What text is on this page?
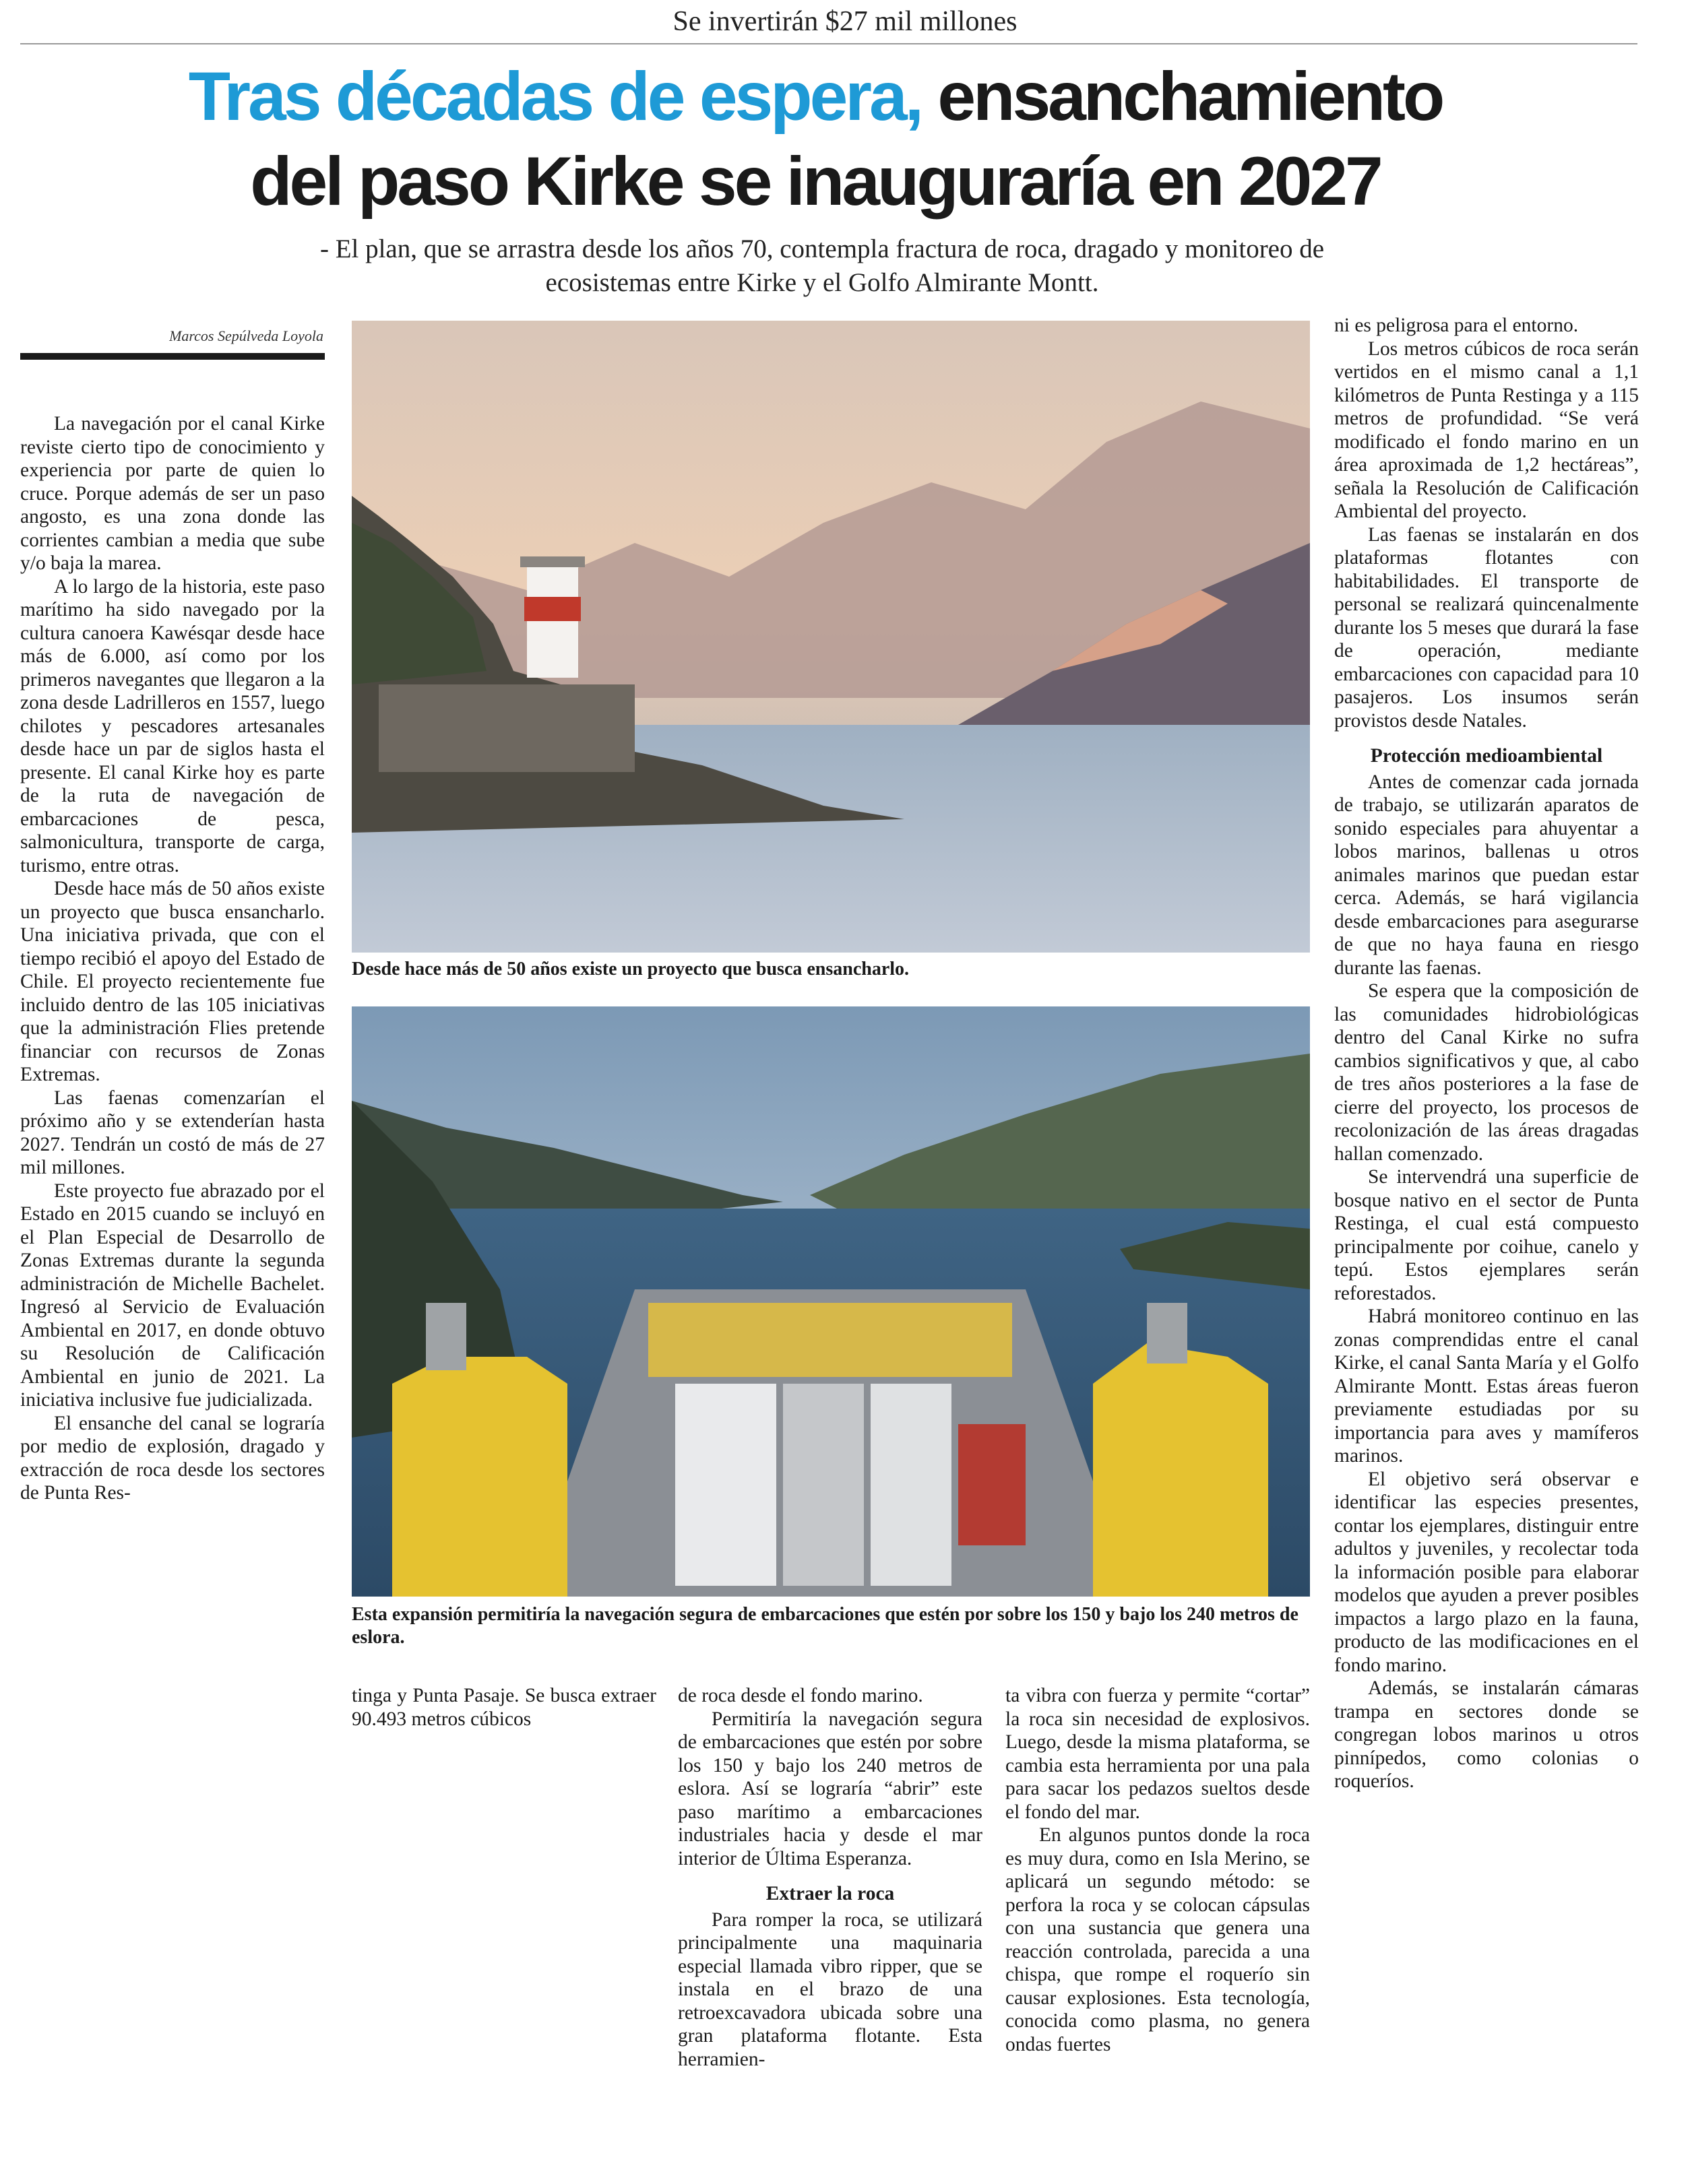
Se invertirán $27 mil millones
Tras décadas de espera, ensanchamiento
del paso Kirke se inauguraría en 2027
- El plan, que se arrastra desde los años 70, contempla fractura de roca, dragado y monitoreo de ecosistemas entre Kirke y el Golfo Almirante Montt.
Marcos Sepúlveda Loyola

La navegación por el canal Kirke reviste cierto tipo de conocimiento y experiencia por parte de quien lo cruce. Porque además de ser un paso angosto, es una zona donde las corrientes cambian a media que sube y/o baja la marea.

A lo largo de la historia, este paso marítimo ha sido navegado por la cultura canoera Kawésqar desde hace más de 6.000, así como por los primeros navegantes que llegaron a la zona desde Ladrilleros en 1557, luego chilotes y pescadores artesanales desde hace un par de siglos hasta el presente. El canal Kirke hoy es parte de la ruta de navegación de embarcaciones de pesca, salmonicultura, transporte de carga, turismo, entre otras.

Desde hace más de 50 años existe un proyecto que busca ensancharlo. Una iniciativa privada, que con el tiempo recibió el apoyo del Estado de Chile. El proyecto recientemente fue incluido dentro de las 105 iniciativas que la administración Flies pretende financiar con recursos de Zonas Extremas.

Las faenas comenzarían el próximo año y se extenderían hasta 2027. Tendrán un costó de más de 27 mil millones.

Este proyecto fue abrazado por el Estado en 2015 cuando se incluyó en el Plan Especial de Desarrollo de Zonas Extremas durante la segunda administración de Michelle Bachelet. Ingresó al Servicio de Evaluación Ambiental en 2017, en donde obtuvo su Resolución de Calificación Ambiental en junio de 2021. La iniciativa inclusive fue judicializada.

El ensanche del canal se lograría por medio de explosión, dragado y extracción de roca desde los sectores de Punta Res-

Desde hace más de 50 años existe un proyecto que busca ensancharlo.
Esta expansión permitiría la navegación segura de embarcaciones que estén por sobre los 150 y bajo los 240 metros de eslora.

tinga y Punta Pasaje. Se busca extraer 90.493 metros cúbicos

de roca desde el fondo marino.

Permitiría la navegación segura de embarcaciones que estén por sobre los 150 y bajo los 240 metros de eslora. Así se lograría “abrir” este paso marítimo a embarcaciones industriales hacia y desde el mar interior de Última Esperanza.

Extraer la roca

Para romper la roca, se utilizará principalmente una maquinaria especial llamada vibro ripper, que se instala en el brazo de una retroexcavadora ubicada sobre una gran plataforma flotante. Esta herramien-

ta vibra con fuerza y permite “cortar” la roca sin necesidad de explosivos. Luego, desde la misma plataforma, se cambia esta herramienta por una pala para sacar los pedazos sueltos desde el fondo del mar.

En algunos puntos donde la roca es muy dura, como en Isla Merino, se aplicará un segundo método: se perfora la roca y se colocan cápsulas con una sustancia que genera una reacción controlada, parecida a una chispa, que rompe el roquerío sin causar explosiones. Esta tecnología, conocida como plasma, no genera ondas fuertes

ni es peligrosa para el entorno.

Los metros cúbicos de roca serán vertidos en el mismo canal a 1,1 kilómetros de Punta Restinga y a 115 metros de profundidad. “Se verá modificado el fondo marino en un área aproximada de 1,2 hectáreas”, señala la Resolución de Calificación Ambiental del proyecto.

Las faenas se instalarán en dos plataformas flotantes con habitabilidades. El transporte de personal se realizará quincenalmente durante los 5 meses que durará la fase de operación, mediante embarcaciones con capacidad para 10 pasajeros. Los insumos serán provistos desde Natales.

Protección medioambiental

Antes de comenzar cada jornada de trabajo, se utilizarán aparatos de sonido especiales para ahuyentar a lobos marinos, ballenas u otros animales marinos que puedan estar cerca. Además, se hará vigilancia desde embarcaciones para asegurarse de que no haya fauna en riesgo durante las faenas.

Se espera que la composición de las comunidades hidrobiológicas dentro del Canal Kirke no sufra cambios significativos y que, al cabo de tres años posteriores a la fase de cierre del proyecto, los procesos de recolonización de las áreas dragadas hallan comenzado.

Se intervendrá una superficie de bosque nativo en el sector de Punta Restinga, el cual está compuesto principalmente por coihue, canelo y tepú. Estos ejemplares serán reforestados.

Habrá monitoreo continuo en las zonas comprendidas entre el canal Kirke, el canal Santa María y el Golfo Almirante Montt. Estas áreas fueron previamente estudiadas por su importancia para aves y mamíferos marinos.

El objetivo será observar e identificar las especies presentes, contar los ejemplares, distinguir entre adultos y juveniles, y recolectar toda la información posible para elaborar modelos que ayuden a prever posibles impactos a largo plazo en la fauna, producto de las modificaciones en el fondo marino.

Además, se instalarán cámaras trampa en sectores donde se congregan lobos marinos u otros pinnípedos, como colonias o roqueríos.
